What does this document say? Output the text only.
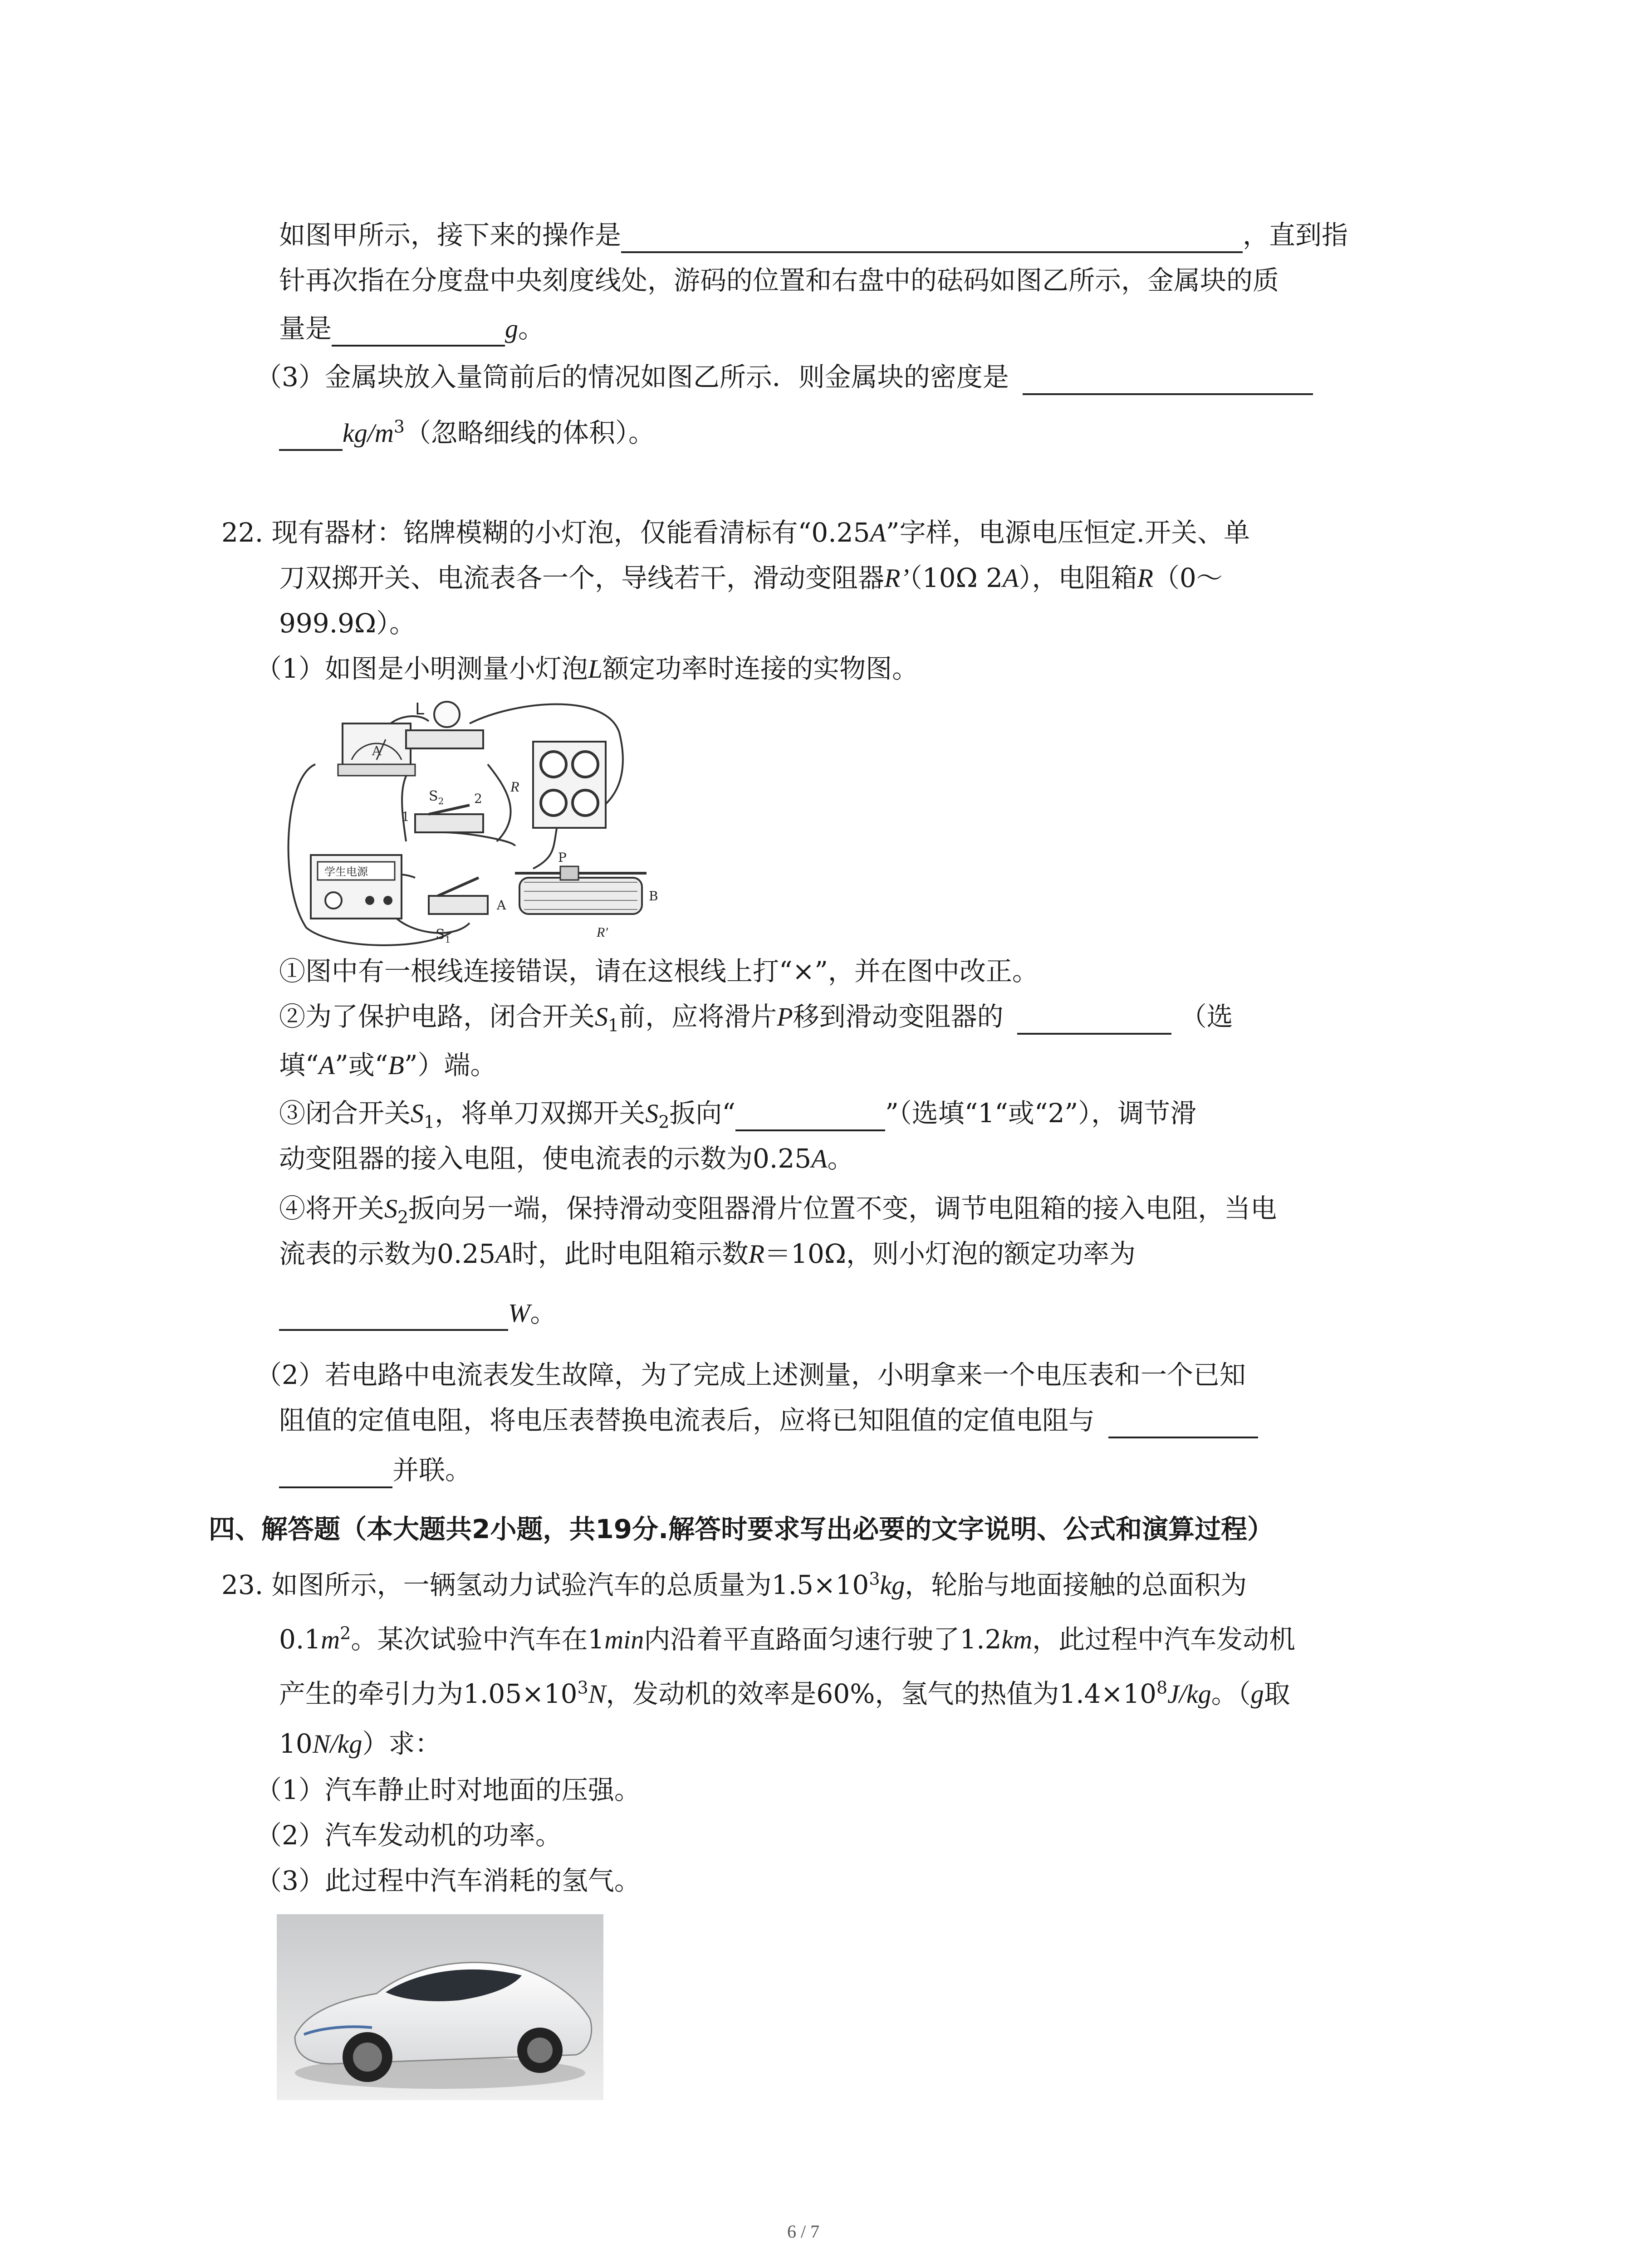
如图甲所示，接下来的操作是	，直到指
针再次指在分度盘中央刻度线处，游码的位置和右盘中的砝码如图乙所示，金属块的质
量是	g。
（3）金属块放入量筒前后的情况如图乙所示．则金属块的密度是
$kg/m^3$（忽略细线的体积）。
22. 现有器材：铭牌模糊的小灯泡，仅能看清标有“0.25A”字样，电源电压恒定.开关、单
刀双掷开关、电流表各一个，导线若干，滑动变阻器R’（10Ω 2A），电阻箱R（0～
999.9Ω）。
（1）如图是小明测量小灯泡L额定功率时连接的实物图。
A
L
R
$S_2$
1
2
学生电源
$S_1$
P
A
B
R′
①图中有一根线连接错误，请在这根线上打“×”，并在图中改正。
②为了保护电路，闭合开关$S_1$前，应将滑片P移到滑动变阻器的	（选
填“A”或“B”）端。
③闭合开关$S_1$，将单刀双掷开关$S_2$扳向“	”（选填“1“或“2”），调节滑
动变阻器的接入电阻，使电流表的示数为0.25A。
④将开关$S_2$扳向另一端，保持滑动变阻器滑片位置不变，调节电阻箱的接入电阻，当电
流表的示数为0.25A时，此时电阻箱示数R＝10Ω，则小灯泡的额定功率为
W。
（2）若电路中电流表发生故障，为了完成上述测量，小明拿来一个电压表和一个已知
阻值的定值电阻，将电压表替换电流表后，应将已知阻值的定值电阻与
并联。
四、解答题（本大题共2小题，共19分.解答时要求写出必要的文字说明、公式和演算过程）
23. 如图所示，一辆氢动力试验汽车的总质量为$1.5\times 10^3kg$，轮胎与地面接触的总面积为
$0.1m^2$。某次试验中汽车在1min内沿着平直路面匀速行驶了1.2km，此过程中汽车发动机
产生的牵引力为$1.05\times 10^3N$，发动机的效率是60%，氢气的热值为$1.4\times 10^8J/kg$。（g取
10N/kg）求：
（1）汽车静止时对地面的压强。
（2）汽车发动机的功率。
（3）此过程中汽车消耗的氢气。
6 / 7
